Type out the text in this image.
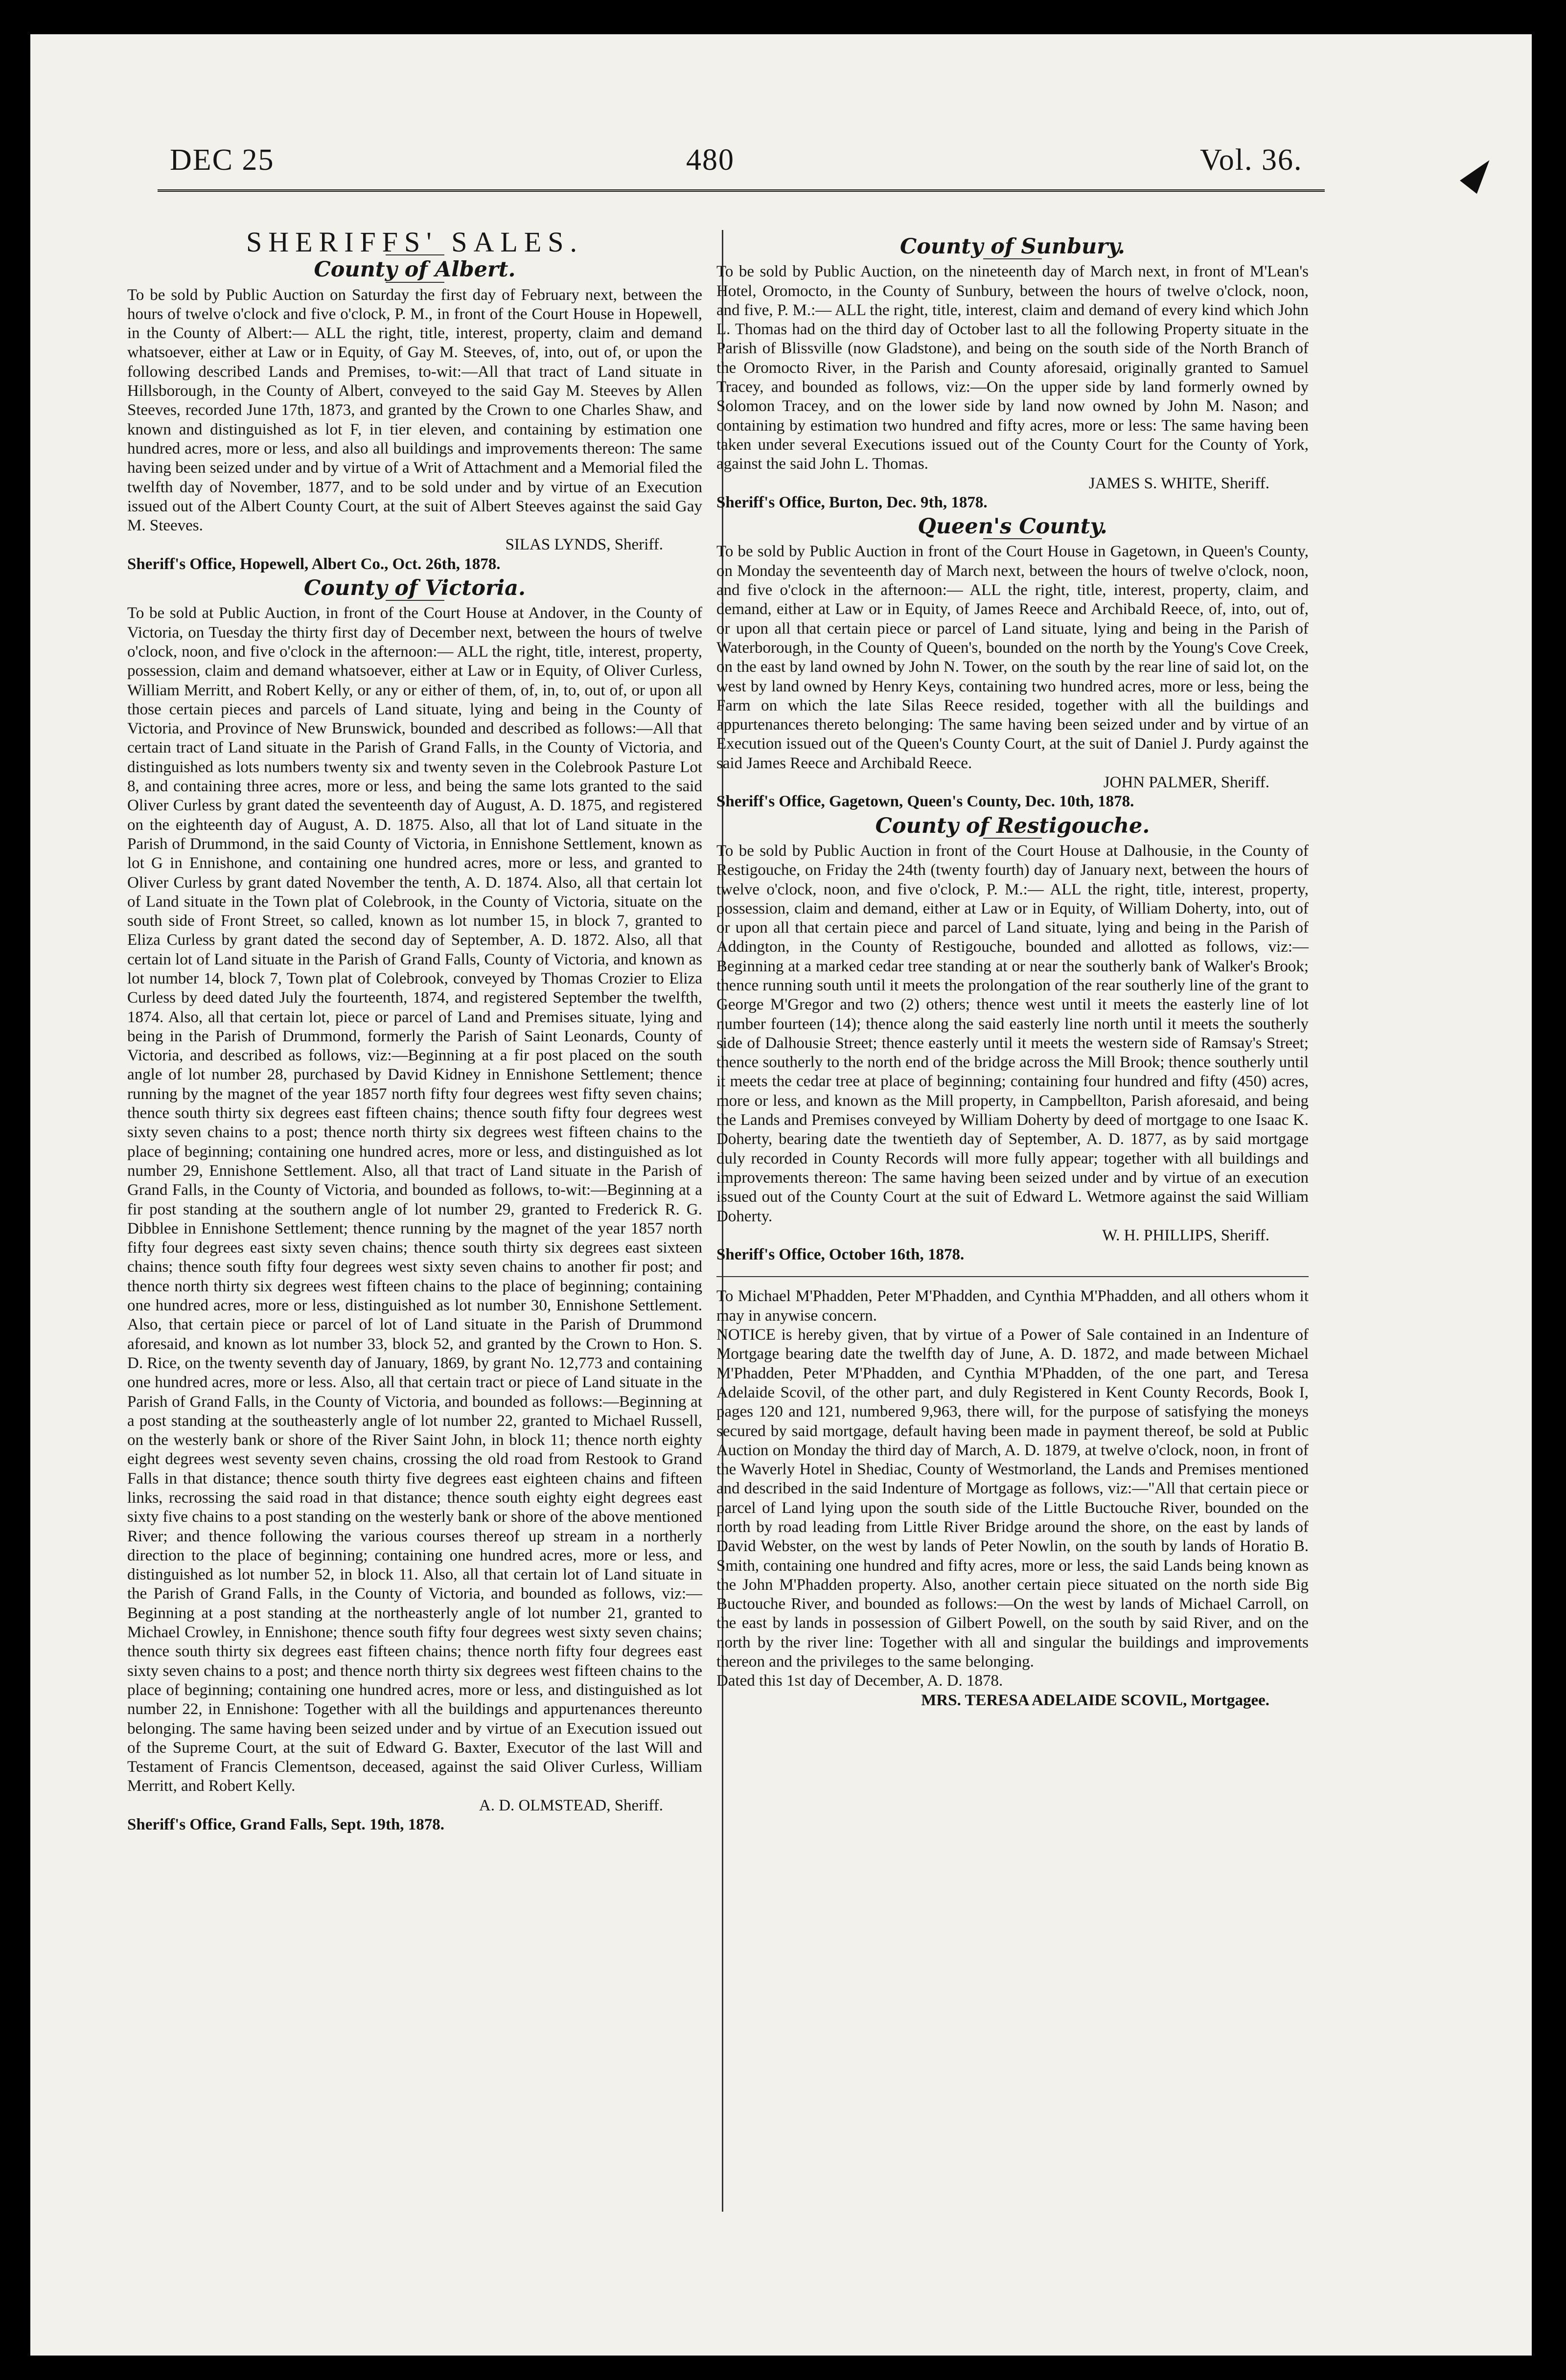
DEC 25	480	Vol. 36.
SHERIFFS' SALES.
County of Albert.

To be sold by Public Auction on Saturday the first day of February next, between the hours of twelve o'clock and five o'clock, P. M., in front of the Court House in Hopewell, in the County of Albert:— ALL the right, title, interest, property, claim and demand whatsoever, either at Law or in Equity, of Gay M. Steeves, of, into, out of, or upon the following described Lands and Premises, to-wit:—All that tract of Land situate in Hillsborough, in the County of Albert, conveyed to the said Gay M. Steeves by Allen Steeves, recorded June 17th, 1873, and granted by the Crown to one Charles Shaw, and known and distinguished as lot F, in tier eleven, and containing by estimation one hundred acres, more or less, and also all buildings and improvements thereon: The same having been seized under and by virtue of a Writ of Attachment and a Memorial filed the twelfth day of November, 1877, and to be sold under and by virtue of an Execution issued out of the Albert County Court, at the suit of Albert Steeves against the said Gay M. Steeves.

SILAS LYNDS, Sheriff.

Sheriff's Office, Hopewell, Albert Co., Oct. 26th, 1878.

County of Victoria.

To be sold at Public Auction, in front of the Court House at Andover, in the County of Victoria, on Tuesday the thirty first day of December next, between the hours of twelve o'clock, noon, and five o'clock in the afternoon:— ALL the right, title, interest, property, possession, claim and demand whatsoever, either at Law or in Equity, of Oliver Curless, William Merritt, and Robert Kelly, or any or either of them, of, in, to, out of, or upon all those certain pieces and parcels of Land situate, lying and being in the County of Victoria, and Province of New Brunswick, bounded and described as follows:—All that certain tract of Land situate in the Parish of Grand Falls, in the County of Victoria, and distinguished as lots numbers twenty six and twenty seven in the Colebrook Pasture Lot 8, and containing three acres, more or less, and being the same lots granted to the said Oliver Curless by grant dated the seventeenth day of August, A. D. 1875, and registered on the eighteenth day of August, A. D. 1875. Also, all that lot of Land situate in the Parish of Drummond, in the said County of Victoria, in Ennishone Settlement, known as lot G in Ennishone, and containing one hundred acres, more or less, and granted to Oliver Curless by grant dated November the tenth, A. D. 1874. Also, all that certain lot of Land situate in the Town plat of Colebrook, in the County of Victoria, situate on the south side of Front Street, so called, known as lot number 15, in block 7, granted to Eliza Curless by grant dated the second day of September, A. D. 1872. Also, all that certain lot of Land situate in the Parish of Grand Falls, County of Victoria, and known as lot number 14, block 7, Town plat of Colebrook, conveyed by Thomas Crozier to Eliza Curless by deed dated July the fourteenth, 1874, and registered September the twelfth, 1874. Also, all that certain lot, piece or parcel of Land and Premises situate, lying and being in the Parish of Drummond, formerly the Parish of Saint Leonards, County of Victoria, and described as follows, viz:—Beginning at a fir post placed on the south angle of lot number 28, purchased by David Kidney in Ennishone Settlement; thence running by the magnet of the year 1857 north fifty four degrees west fifty seven chains; thence south thirty six degrees east fifteen chains; thence south fifty four degrees west sixty seven chains to a post; thence north thirty six degrees west fifteen chains to the place of beginning; containing one hundred acres, more or less, and distinguished as lot number 29, Ennishone Settlement. Also, all that tract of Land situate in the Parish of Grand Falls, in the County of Victoria, and bounded as follows, to-wit:—Beginning at a fir post standing at the southern angle of lot number 29, granted to Frederick R. G. Dibblee in Ennishone Settlement; thence running by the magnet of the year 1857 north fifty four degrees east sixty seven chains; thence south thirty six degrees east sixteen chains; thence south fifty four degrees west sixty seven chains to another fir post; and thence north thirty six degrees west fifteen chains to the place of beginning; containing one hundred acres, more or less, distinguished as lot number 30, Ennishone Settlement. Also, that certain piece or parcel of lot of Land situate in the Parish of Drummond aforesaid, and known as lot number 33, block 52, and granted by the Crown to Hon. S. D. Rice, on the twenty seventh day of January, 1869, by grant No. 12,773 and containing one hundred acres, more or less. Also, all that certain tract or piece of Land situate in the Parish of Grand Falls, in the County of Victoria, and bounded as follows:—Beginning at a post standing at the southeasterly angle of lot number 22, granted to Michael Russell, on the westerly bank or shore of the River Saint John, in block 11; thence north eighty eight degrees west seventy seven chains, crossing the old road from Restook to Grand Falls in that distance; thence south thirty five degrees east eighteen chains and fifteen links, recrossing the said road in that distance; thence south eighty eight degrees east sixty five chains to a post standing on the westerly bank or shore of the above mentioned River; and thence following the various courses thereof up stream in a northerly direction to the place of beginning; containing one hundred acres, more or less, and distinguished as lot number 52, in block 11. Also, all that certain lot of Land situate in the Parish of Grand Falls, in the County of Victoria, and bounded as follows, viz:—Beginning at a post standing at the northeasterly angle of lot number 21, granted to Michael Crowley, in Ennishone; thence south fifty four degrees west sixty seven chains; thence south thirty six degrees east fifteen chains; thence north fifty four degrees east sixty seven chains to a post; and thence north thirty six degrees west fifteen chains to the place of beginning; containing one hundred acres, more or less, and distinguished as lot number 22, in Ennishone: Together with all the buildings and appurtenances thereunto belonging. The same having been seized under and by virtue of an Execution issued out of the Supreme Court, at the suit of Edward G. Baxter, Executor of the last Will and Testament of Francis Clementson, deceased, against the said Oliver Curless, William Merritt, and Robert Kelly.

A. D. OLMSTEAD, Sheriff.

Sheriff's Office, Grand Falls, Sept. 19th, 1878.

County of Sunbury.

To be sold by Public Auction, on the nineteenth day of March next, in front of M'Lean's Hotel, Oromocto, in the County of Sunbury, between the hours of twelve o'clock, noon, and five, P. M.:— ALL the right, title, interest, claim and demand of every kind which John L. Thomas had on the third day of October last to all the following Property situate in the Parish of Blissville (now Gladstone), and being on the south side of the North Branch of the Oromocto River, in the Parish and County aforesaid, originally granted to Samuel Tracey, and bounded as follows, viz:—On the upper side by land formerly owned by Solomon Tracey, and on the lower side by land now owned by John M. Nason; and containing by estimation two hundred and fifty acres, more or less: The same having been taken under several Executions issued out of the County Court for the County of York, against the said John L. Thomas.

JAMES S. WHITE, Sheriff.

Sheriff's Office, Burton, Dec. 9th, 1878.

Queen's County.

To be sold by Public Auction in front of the Court House in Gagetown, in Queen's County, on Monday the seventeenth day of March next, between the hours of twelve o'clock, noon, and five o'clock in the afternoon:— ALL the right, title, interest, property, claim, and demand, either at Law or in Equity, of James Reece and Archibald Reece, of, into, out of, or upon all that certain piece or parcel of Land situate, lying and being in the Parish of Waterborough, in the County of Queen's, bounded on the north by the Young's Cove Creek, on the east by land owned by John N. Tower, on the south by the rear line of said lot, on the west by land owned by Henry Keys, containing two hundred acres, more or less, being the Farm on which the late Silas Reece resided, together with all the buildings and appurtenances thereto belonging: The same having been seized under and by virtue of an Execution issued out of the Queen's County Court, at the suit of Daniel J. Purdy against the said James Reece and Archibald Reece.

JOHN PALMER, Sheriff.

Sheriff's Office, Gagetown, Queen's County, Dec. 10th, 1878.

County of Restigouche.

To be sold by Public Auction in front of the Court House at Dalhousie, in the County of Restigouche, on Friday the 24th (twenty fourth) day of January next, between the hours of twelve o'clock, noon, and five o'clock, P. M.:— ALL the right, title, interest, property, possession, claim and demand, either at Law or in Equity, of William Doherty, into, out of or upon all that certain piece and parcel of Land situate, lying and being in the Parish of Addington, in the County of Restigouche, bounded and allotted as follows, viz:—Beginning at a marked cedar tree standing at or near the southerly bank of Walker's Brook; thence running south until it meets the prolongation of the rear southerly line of the grant to George M'Gregor and two (2) others; thence west until it meets the easterly line of lot number fourteen (14); thence along the said easterly line north until it meets the southerly side of Dalhousie Street; thence easterly until it meets the western side of Ramsay's Street; thence southerly to the north end of the bridge across the Mill Brook; thence southerly until it meets the cedar tree at place of beginning; containing four hundred and fifty (450) acres, more or less, and known as the Mill property, in Campbellton, Parish aforesaid, and being the Lands and Premises conveyed by William Doherty by deed of mortgage to one Isaac K. Doherty, bearing date the twentieth day of September, A. D. 1877, as by said mortgage duly recorded in County Records will more fully appear; together with all buildings and improvements thereon: The same having been seized under and by virtue of an execution issued out of the County Court at the suit of Edward L. Wetmore against the said William Doherty.

W. H. PHILLIPS, Sheriff.

Sheriff's Office, October 16th, 1878.

To Michael M'Phadden, Peter M'Phadden, and Cynthia M'Phadden, and all others whom it may in anywise concern.

NOTICE is hereby given, that by virtue of a Power of Sale contained in an Indenture of Mortgage bearing date the twelfth day of June, A. D. 1872, and made between Michael M'Phadden, Peter M'Phadden, and Cynthia M'Phadden, of the one part, and Teresa Adelaide Scovil, of the other part, and duly Registered in Kent County Records, Book I, pages 120 and 121, numbered 9,963, there will, for the purpose of satisfying the moneys secured by said mortgage, default having been made in payment thereof, be sold at Public Auction on Monday the third day of March, A. D. 1879, at twelve o'clock, noon, in front of the Waverly Hotel in Shediac, County of Westmorland, the Lands and Premises mentioned and described in the said Indenture of Mortgage as follows, viz:—"All that certain piece or parcel of Land lying upon the south side of the Little Buctouche River, bounded on the north by road leading from Little River Bridge around the shore, on the east by lands of David Webster, on the west by lands of Peter Nowlin, on the south by lands of Horatio B. Smith, containing one hundred and fifty acres, more or less, the said Lands being known as the John M'Phadden property. Also, another certain piece situated on the north side Big Buctouche River, and bounded as follows:—On the west by lands of Michael Carroll, on the east by lands in possession of Gilbert Powell, on the south by said River, and on the north by the river line: Together with all and singular the buildings and improvements thereon and the privileges to the same belonging.

Dated this 1st day of December, A. D. 1878.

MRS. TERESA ADELAIDE SCOVIL, Mortgagee.
